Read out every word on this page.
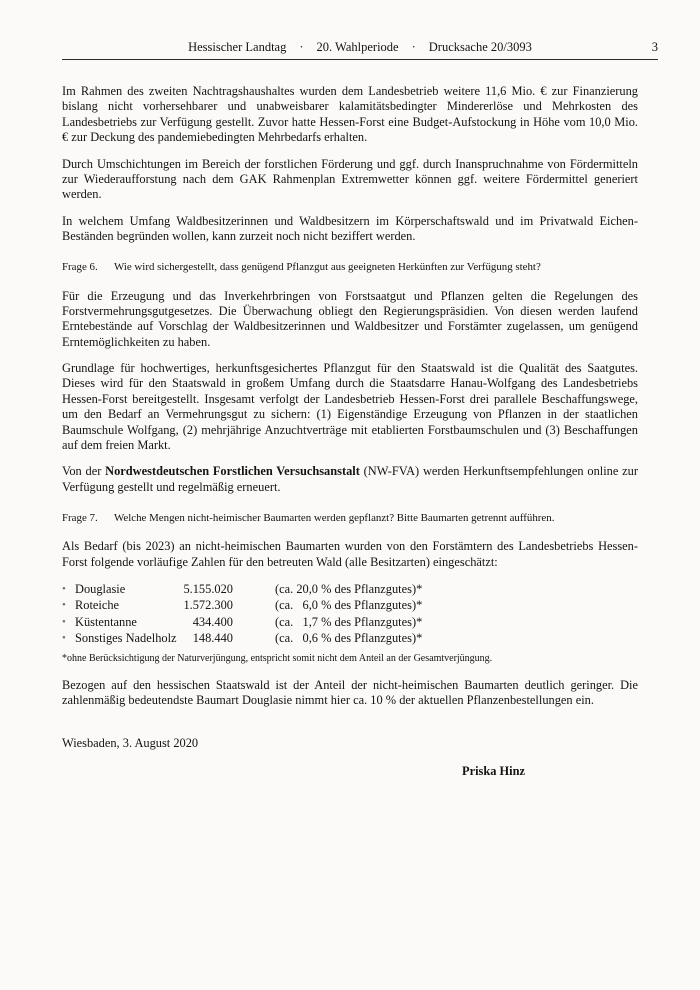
Hessischer Landtag · 20. Wahlperiode · Drucksache 20/3093	3

Im Rahmen des zweiten Nachtragshaushaltes wurden dem Landesbetrieb weitere 11,6 Mio. € zur Finanzierung bislang nicht vorhersehbarer und unabweisbarer kalamitätsbedingter Mindererlöse und Mehrkosten des Landesbetriebs zur Verfügung gestellt. Zuvor hatte Hessen-Forst eine Budget-Aufstockung in Höhe vom 10,0 Mio. € zur Deckung des pandemiebedingten Mehrbedarfs erhalten.

Durch Umschichtungen im Bereich der forstlichen Förderung und ggf. durch Inanspruchnahme von Fördermitteln zur Wiederaufforstung nach dem GAK Rahmenplan Extremwetter können ggf. weitere Fördermittel generiert werden.

In welchem Umfang Waldbesitzerinnen und Waldbesitzern im Körperschaftswald und im Privatwald Eichen-Beständen begründen wollen, kann zurzeit noch nicht beziffert werden.

Frage 6.	Wie wird sichergestellt, dass genügend Pflanzgut aus geeigneten Herkünften zur Verfügung steht?

Für die Erzeugung und das Inverkehrbringen von Forstsaatgut und Pflanzen gelten die Regelungen des Forstvermehrungsgutgesetzes. Die Überwachung obliegt den Regierungspräsidien. Von diesen werden laufend Erntebestände auf Vorschlag der Waldbesitzerinnen und Waldbesitzer und Forstämter zugelassen, um genügend Erntemöglichkeiten zu haben.

Grundlage für hochwertiges, herkunftsgesichertes Pflanzgut für den Staatswald ist die Qualität des Saatgutes. Dieses wird für den Staatswald in großem Umfang durch die Staatsdarre Hanau-Wolfgang des Landesbetriebs Hessen-Forst bereitgestellt. Insgesamt verfolgt der Landesbetrieb Hessen-Forst drei parallele Beschaffungswege, um den Bedarf an Vermehrungsgut zu sichern: (1) Eigenständige Erzeugung von Pflanzen in der staatlichen Baumschule Wolfgang, (2) mehrjährige Anzuchtverträge mit etablierten Forstbaumschulen und (3) Beschaffungen auf dem freien Markt.

Von der Nordwestdeutschen Forstlichen Versuchsanstalt (NW-FVA) werden Herkunftsempfehlungen online zur Verfügung gestellt und regelmäßig erneuert.

Frage 7.	Welche Mengen nicht-heimischer Baumarten werden gepflanzt? Bitte Baumarten getrennt aufführen.

Als Bedarf (bis 2023) an nicht-heimischen Baumarten wurden von den Forstämtern des Landesbetriebs Hessen-Forst folgende vorläufige Zahlen für den betreuten Wald (alle Besitzarten) eingeschätzt:

• Douglasie	5.155.020	(ca. 20,0 % des Pflanzgutes)*
• Roteiche	1.572.300	(ca.   6,0 % des Pflanzgutes)*
• Küstentanne	434.400	(ca.   1,7 % des Pflanzgutes)*
• Sonstiges Nadelholz	148.440	(ca.   0,6 % des Pflanzgutes)*

*ohne Berücksichtigung der Naturverjüngung, entspricht somit nicht dem Anteil an der Gesamtverjüngung.

Bezogen auf den hessischen Staatswald ist der Anteil der nicht-heimischen Baumarten deutlich geringer. Die zahlenmäßig bedeutendste Baumart Douglasie nimmt hier ca. 10 % der aktuellen Pflanzenbestellungen ein.

Wiesbaden, 3. August 2020

Priska Hinz
